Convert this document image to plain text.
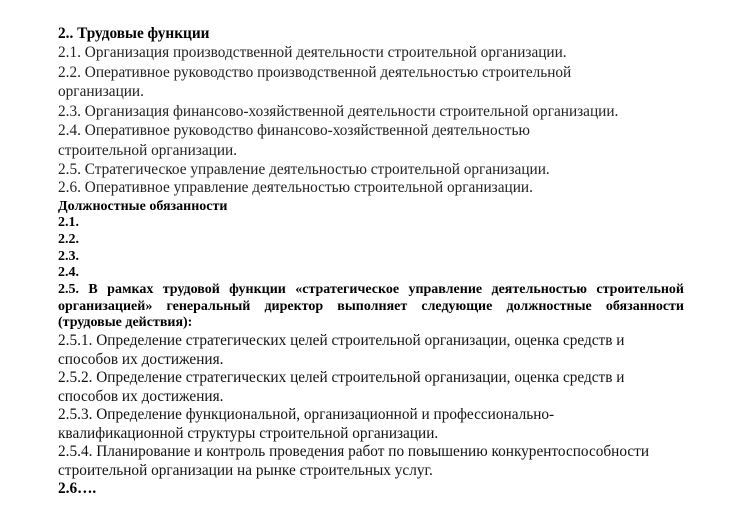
2.. Трудовые функции

2.1. Организация производственной деятельности строительной организации.

2.2. Оперативное руководство производственной деятельностью строительной организации.

2.3. Организация финансово-хозяйственной деятельности строительной организации.

2.4. Оперативное руководство финансово-хозяйственной деятельностью строительной организации.

2.5. Стратегическое управление деятельностью строительной организации.

2.6. Оперативное управление деятельностью строительной организации.

Должностные обязанности

2.1.

2.2.

2.3.

2.4.

2.5. В рамках трудовой функции «стратегическое управление деятельностью строительной организацией» генеральный директор выполняет следующие должностные обязанности (трудовые действия):

2.5.1. Определение стратегических целей строительной организации, оценка средств и способов их достижения.

2.5.2. Определение стратегических целей строительной организации, оценка средств и способов их достижения.

2.5.3. Определение функциональной, организационной и профессионально-квалификационной структуры строительной организации.

2.5.4. Планирование и контроль проведения работ по повышению конкурентоспособности строительной организации на рынке строительных услуг.

2.6….
